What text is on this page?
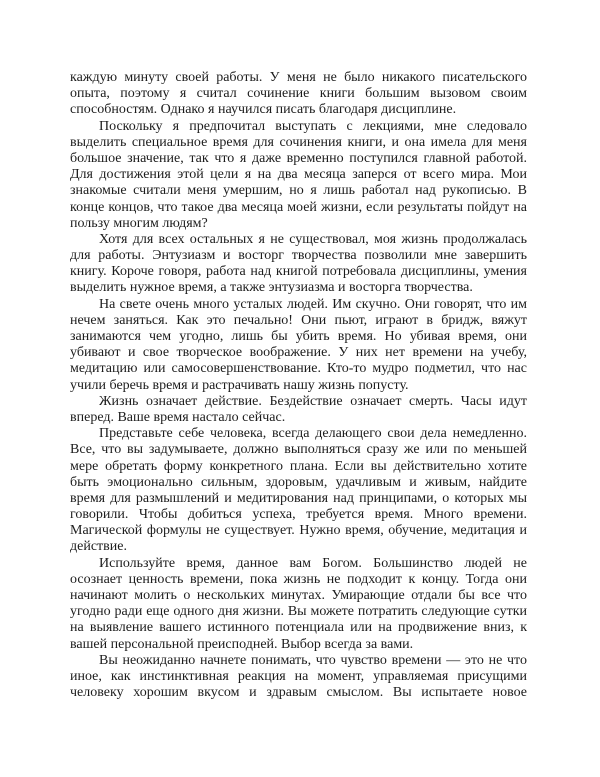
каждую минуту своей работы. У меня не было никакого писательского
опыта, поэтому я считал сочинение книги большим вызовом своим
способностям. Однако я научился писать благодаря дисциплине.
Поскольку я предпочитал выступать с лекциями, мне следовало
выделить специальное время для сочинения книги, и она имела для меня
большое значение, так что я даже временно поступился главной работой.
Для достижения этой цели я на два месяца заперся от всего мира. Мои
знакомые считали меня умершим, но я лишь работал над рукописью. В
конце концов, что такое два месяца моей жизни, если результаты пойдут на
пользу многим людям?
Хотя для всех остальных я не существовал, моя жизнь продолжалась
для работы. Энтузиазм и восторг творчества позволили мне завершить
книгу. Короче говоря, работа над книгой потребовала дисциплины, умения
выделить нужное время, а также энтузиазма и восторга творчества.
На свете очень много усталых людей. Им скучно. Они говорят, что им
нечем заняться. Как это печально! Они пьют, играют в бридж, вяжут
занимаются чем угодно, лишь бы убить время. Но убивая время, они
убивают и свое творческое воображение. У них нет времени на учебу,
медитацию или самосовершенствование. Кто-то мудро подметил, что нас
учили беречь время и растрачивать нашу жизнь попусту.
Жизнь означает действие. Бездействие означает смерть. Часы идут
вперед. Ваше время настало сейчас.
Представьте себе человека, всегда делающего свои дела немедленно.
Все, что вы задумываете, должно выполняться сразу же или по меньшей
мере обретать форму конкретного плана. Если вы действительно хотите
быть эмоционально сильным, здоровым, удачливым и живым, найдите
время для размышлений и медитирования над принципами, о которых мы
говорили. Чтобы добиться успеха, требуется время. Много времени.
Магической формулы не существует. Нужно время, обучение, медитация и
действие.
Используйте время, данное вам Богом. Большинство людей не
осознает ценность времени, пока жизнь не подходит к концу. Тогда они
начинают молить о нескольких минутах. Умирающие отдали бы все что
угодно ради еще одного дня жизни. Вы можете потратить следующие сутки
на выявление вашего истинного потенциала или на продвижение вниз, к
вашей персональной преисподней. Выбор всегда за вами.
Вы неожиданно начнете понимать, что чувство времени — это не что
иное, как инстинктивная реакция на момент, управляемая присущими
человеку хорошим вкусом и здравым смыслом. Вы испытаете новое
